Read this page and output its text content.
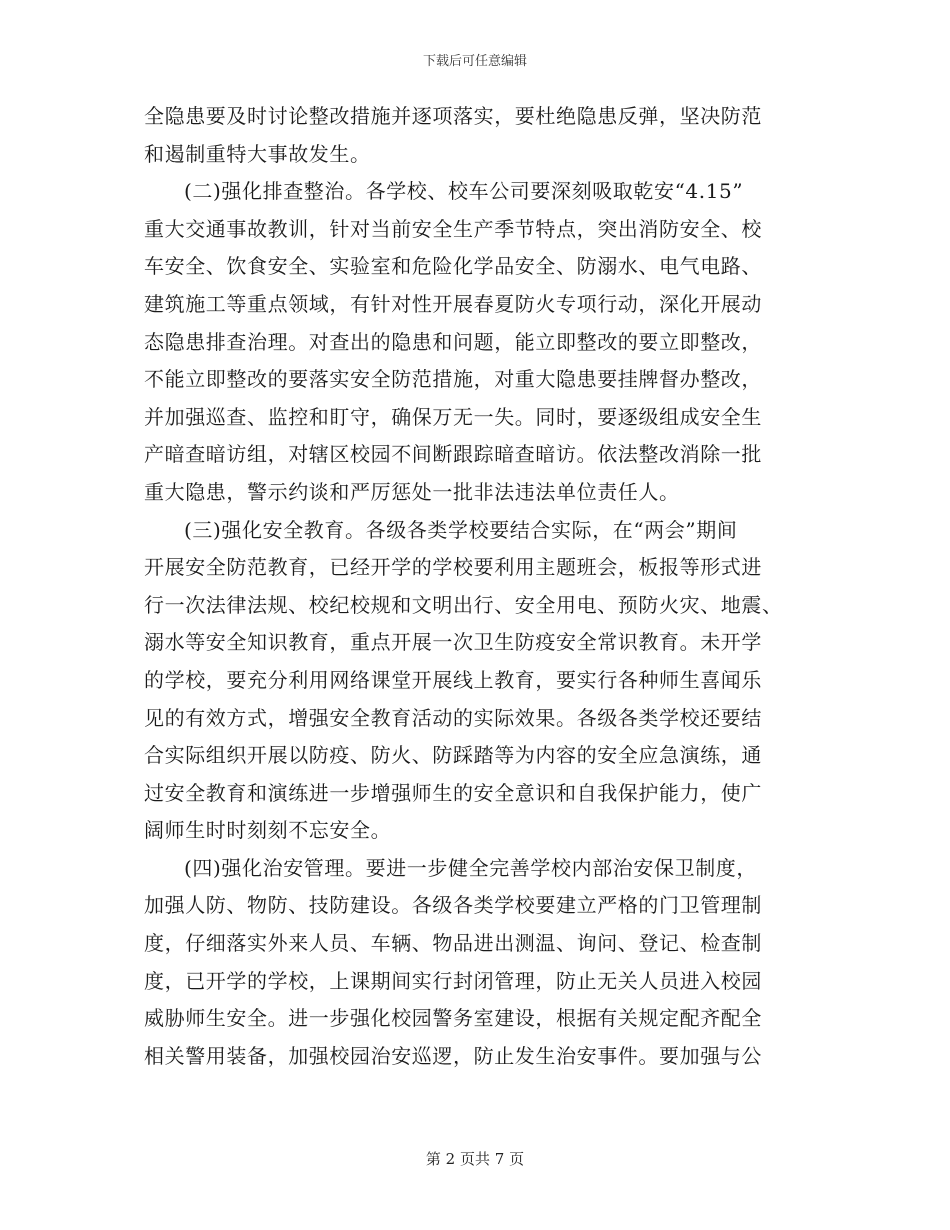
下载后可任意编辑
全隐患要及时讨论整改措施并逐项落实，要杜绝隐患反弹，坚决防范
和遏制重特大事故发生。
(二)强化排查整治。各学校、校车公司要深刻吸取乾安“4.15”
重大交通事故教训，针对当前安全生产季节特点，突出消防安全、校
车安全、饮食安全、实验室和危险化学品安全、防溺水、电气电路、
建筑施工等重点领域，有针对性开展春夏防火专项行动，深化开展动
态隐患排查治理。对查出的隐患和问题，能立即整改的要立即整改，
不能立即整改的要落实安全防范措施，对重大隐患要挂牌督办整改，
并加强巡查、监控和盯守，确保万无一失。同时，要逐级组成安全生
产暗查暗访组，对辖区校园不间断跟踪暗查暗访。依法整改消除一批
重大隐患，警示约谈和严厉惩处一批非法违法单位责任人。
(三)强化安全教育。各级各类学校要结合实际，在“两会”期间
开展安全防范教育，已经开学的学校要利用主题班会，板报等形式进
行一次法律法规、校纪校规和文明出行、安全用电、预防火灾、地震、
溺水等安全知识教育，重点开展一次卫生防疫安全常识教育。未开学
的学校，要充分利用网络课堂开展线上教育，要实行各种师生喜闻乐
见的有效方式，增强安全教育活动的实际效果。各级各类学校还要结
合实际组织开展以防疫、防火、防踩踏等为内容的安全应急演练，通
过安全教育和演练进一步增强师生的安全意识和自我保护能力，使广
阔师生时时刻刻不忘安全。
(四)强化治安管理。要进一步健全完善学校内部治安保卫制度，
加强人防、物防、技防建设。各级各类学校要建立严格的门卫管理制
度，仔细落实外来人员、车辆、物品进出测温、询问、登记、检查制
度，已开学的学校，上课期间实行封闭管理，防止无关人员进入校园
威胁师生安全。进一步强化校园警务室建设，根据有关规定配齐配全
相关警用装备，加强校园治安巡逻，防止发生治安事件。要加强与公
第 2 页共 7 页
